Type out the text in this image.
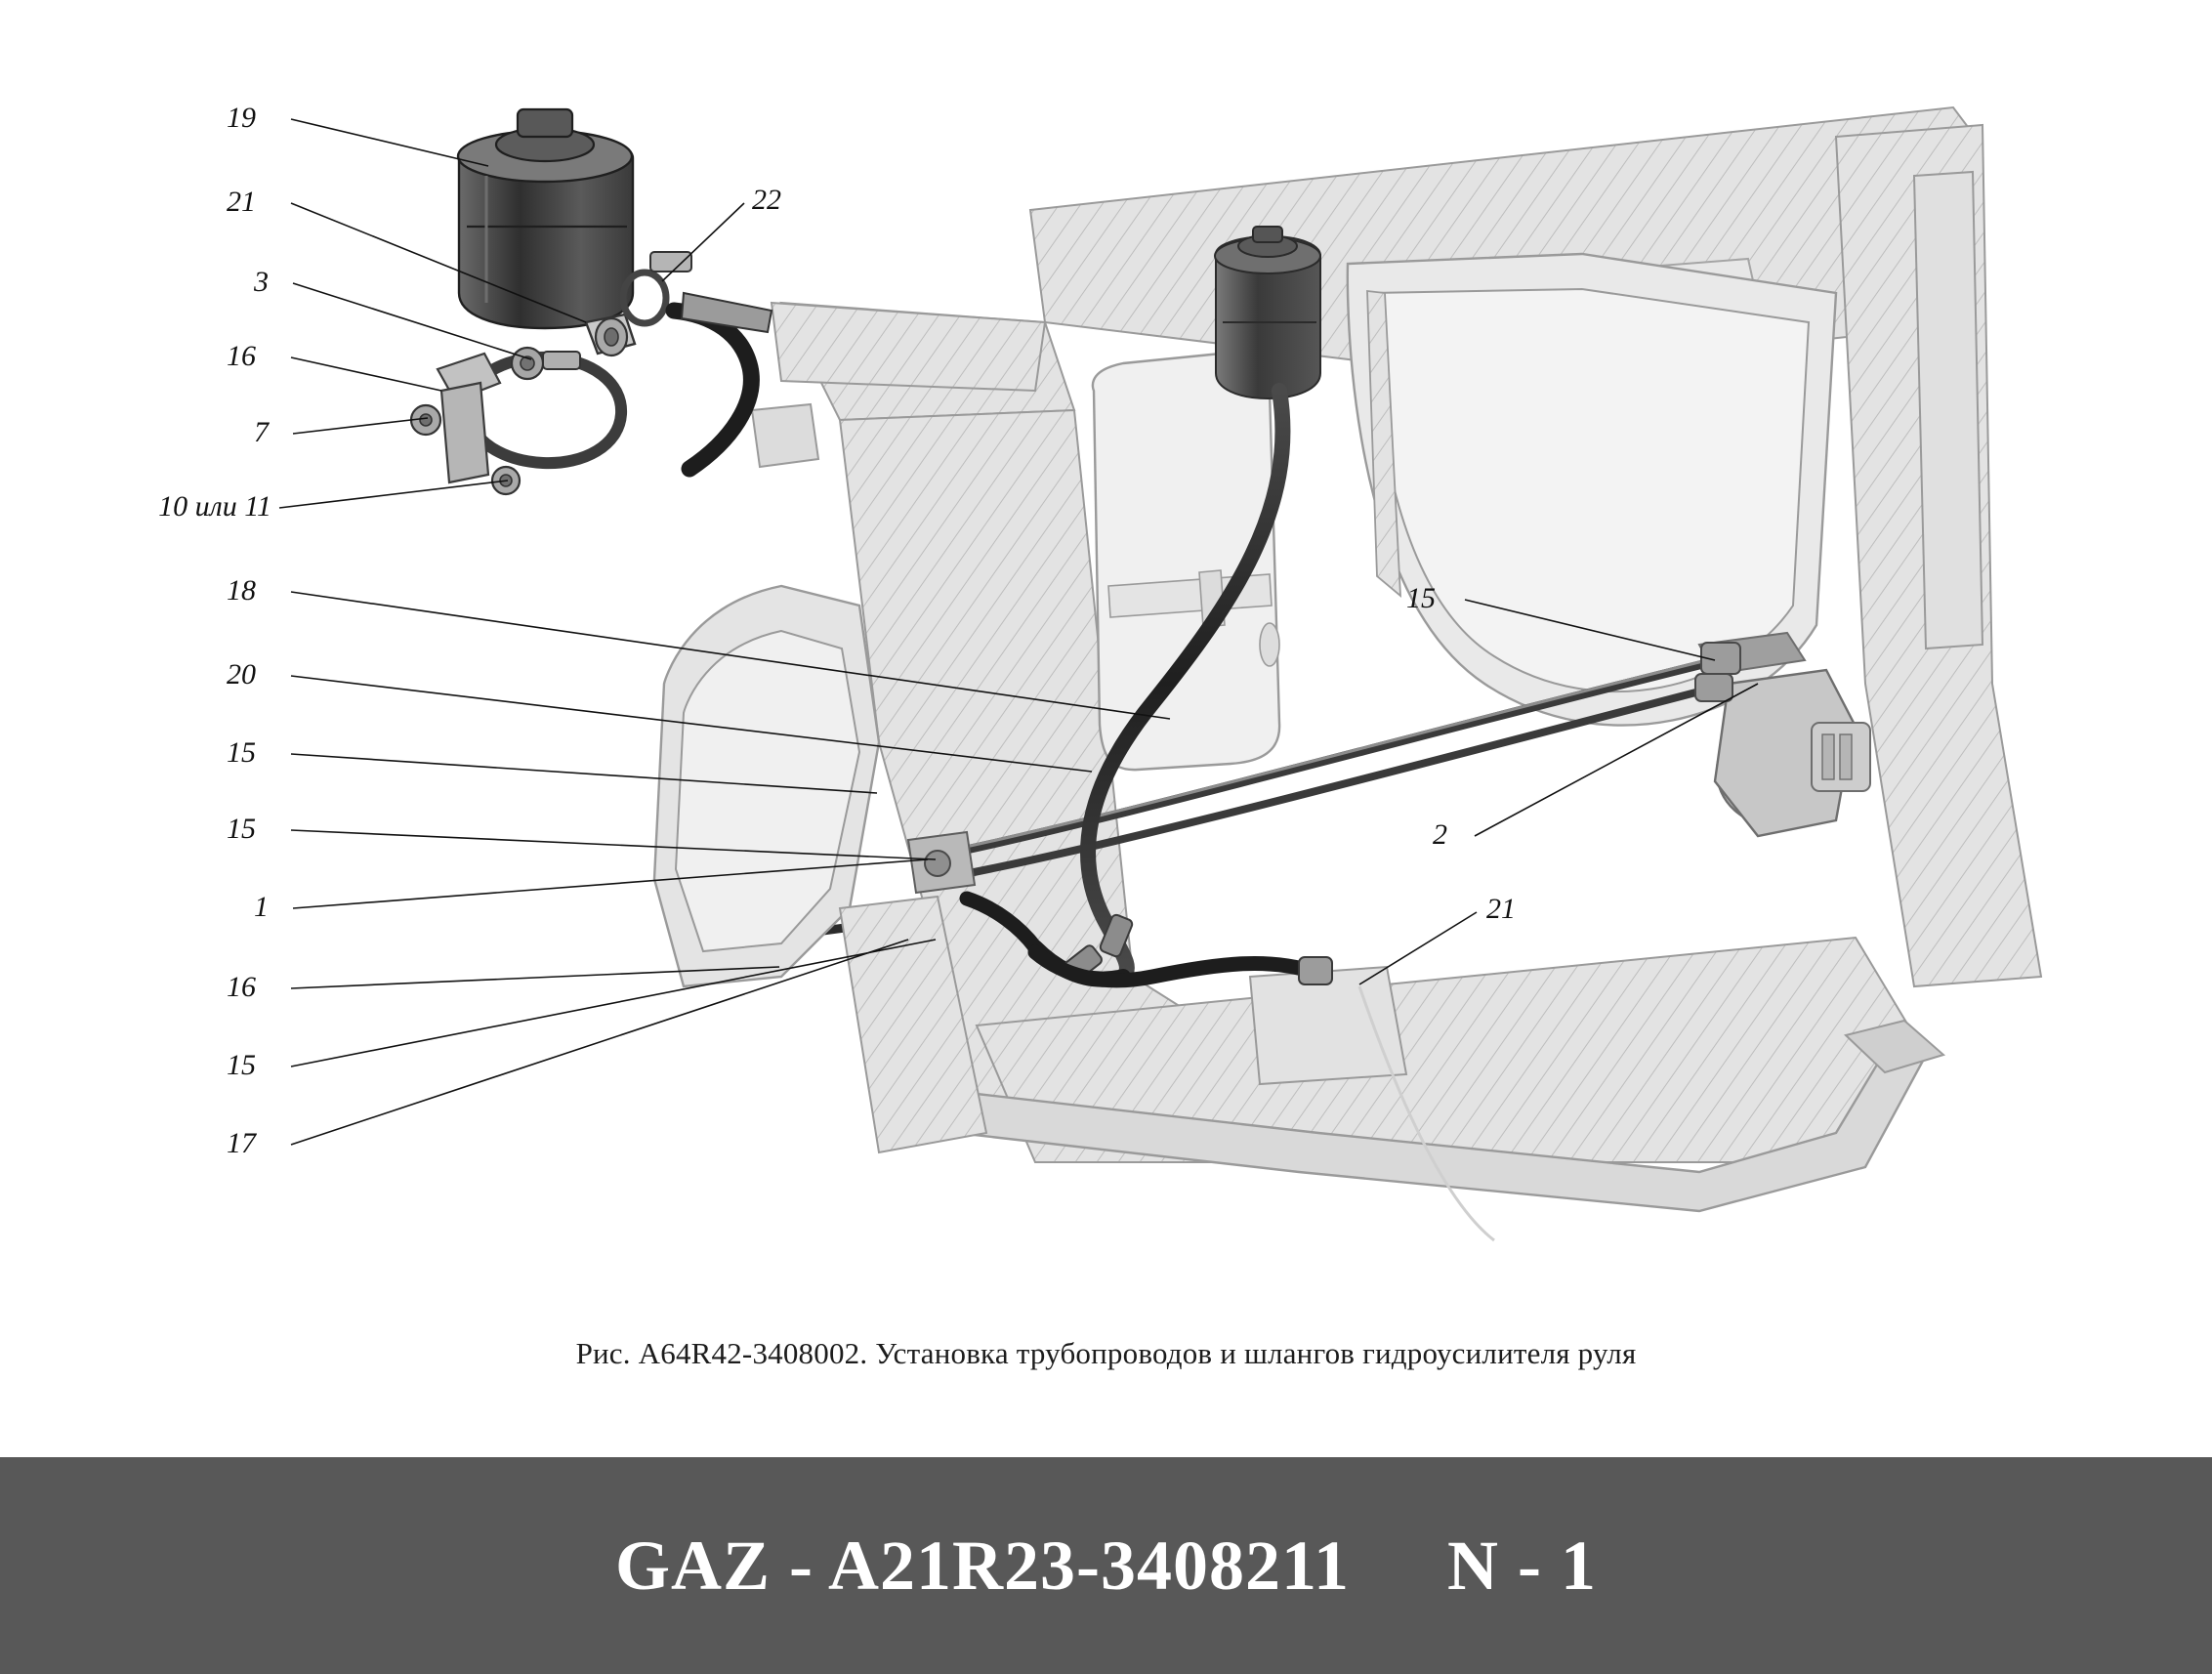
19
21	22
3
16
7
10 или 11
18
20
15
15
1
16
15
17
15
2
21
Рис. А64R42-3408002. Установка трубопроводов и шлангов гидроусилителя руля
GAZ - A21R23-3408211 N - 1
